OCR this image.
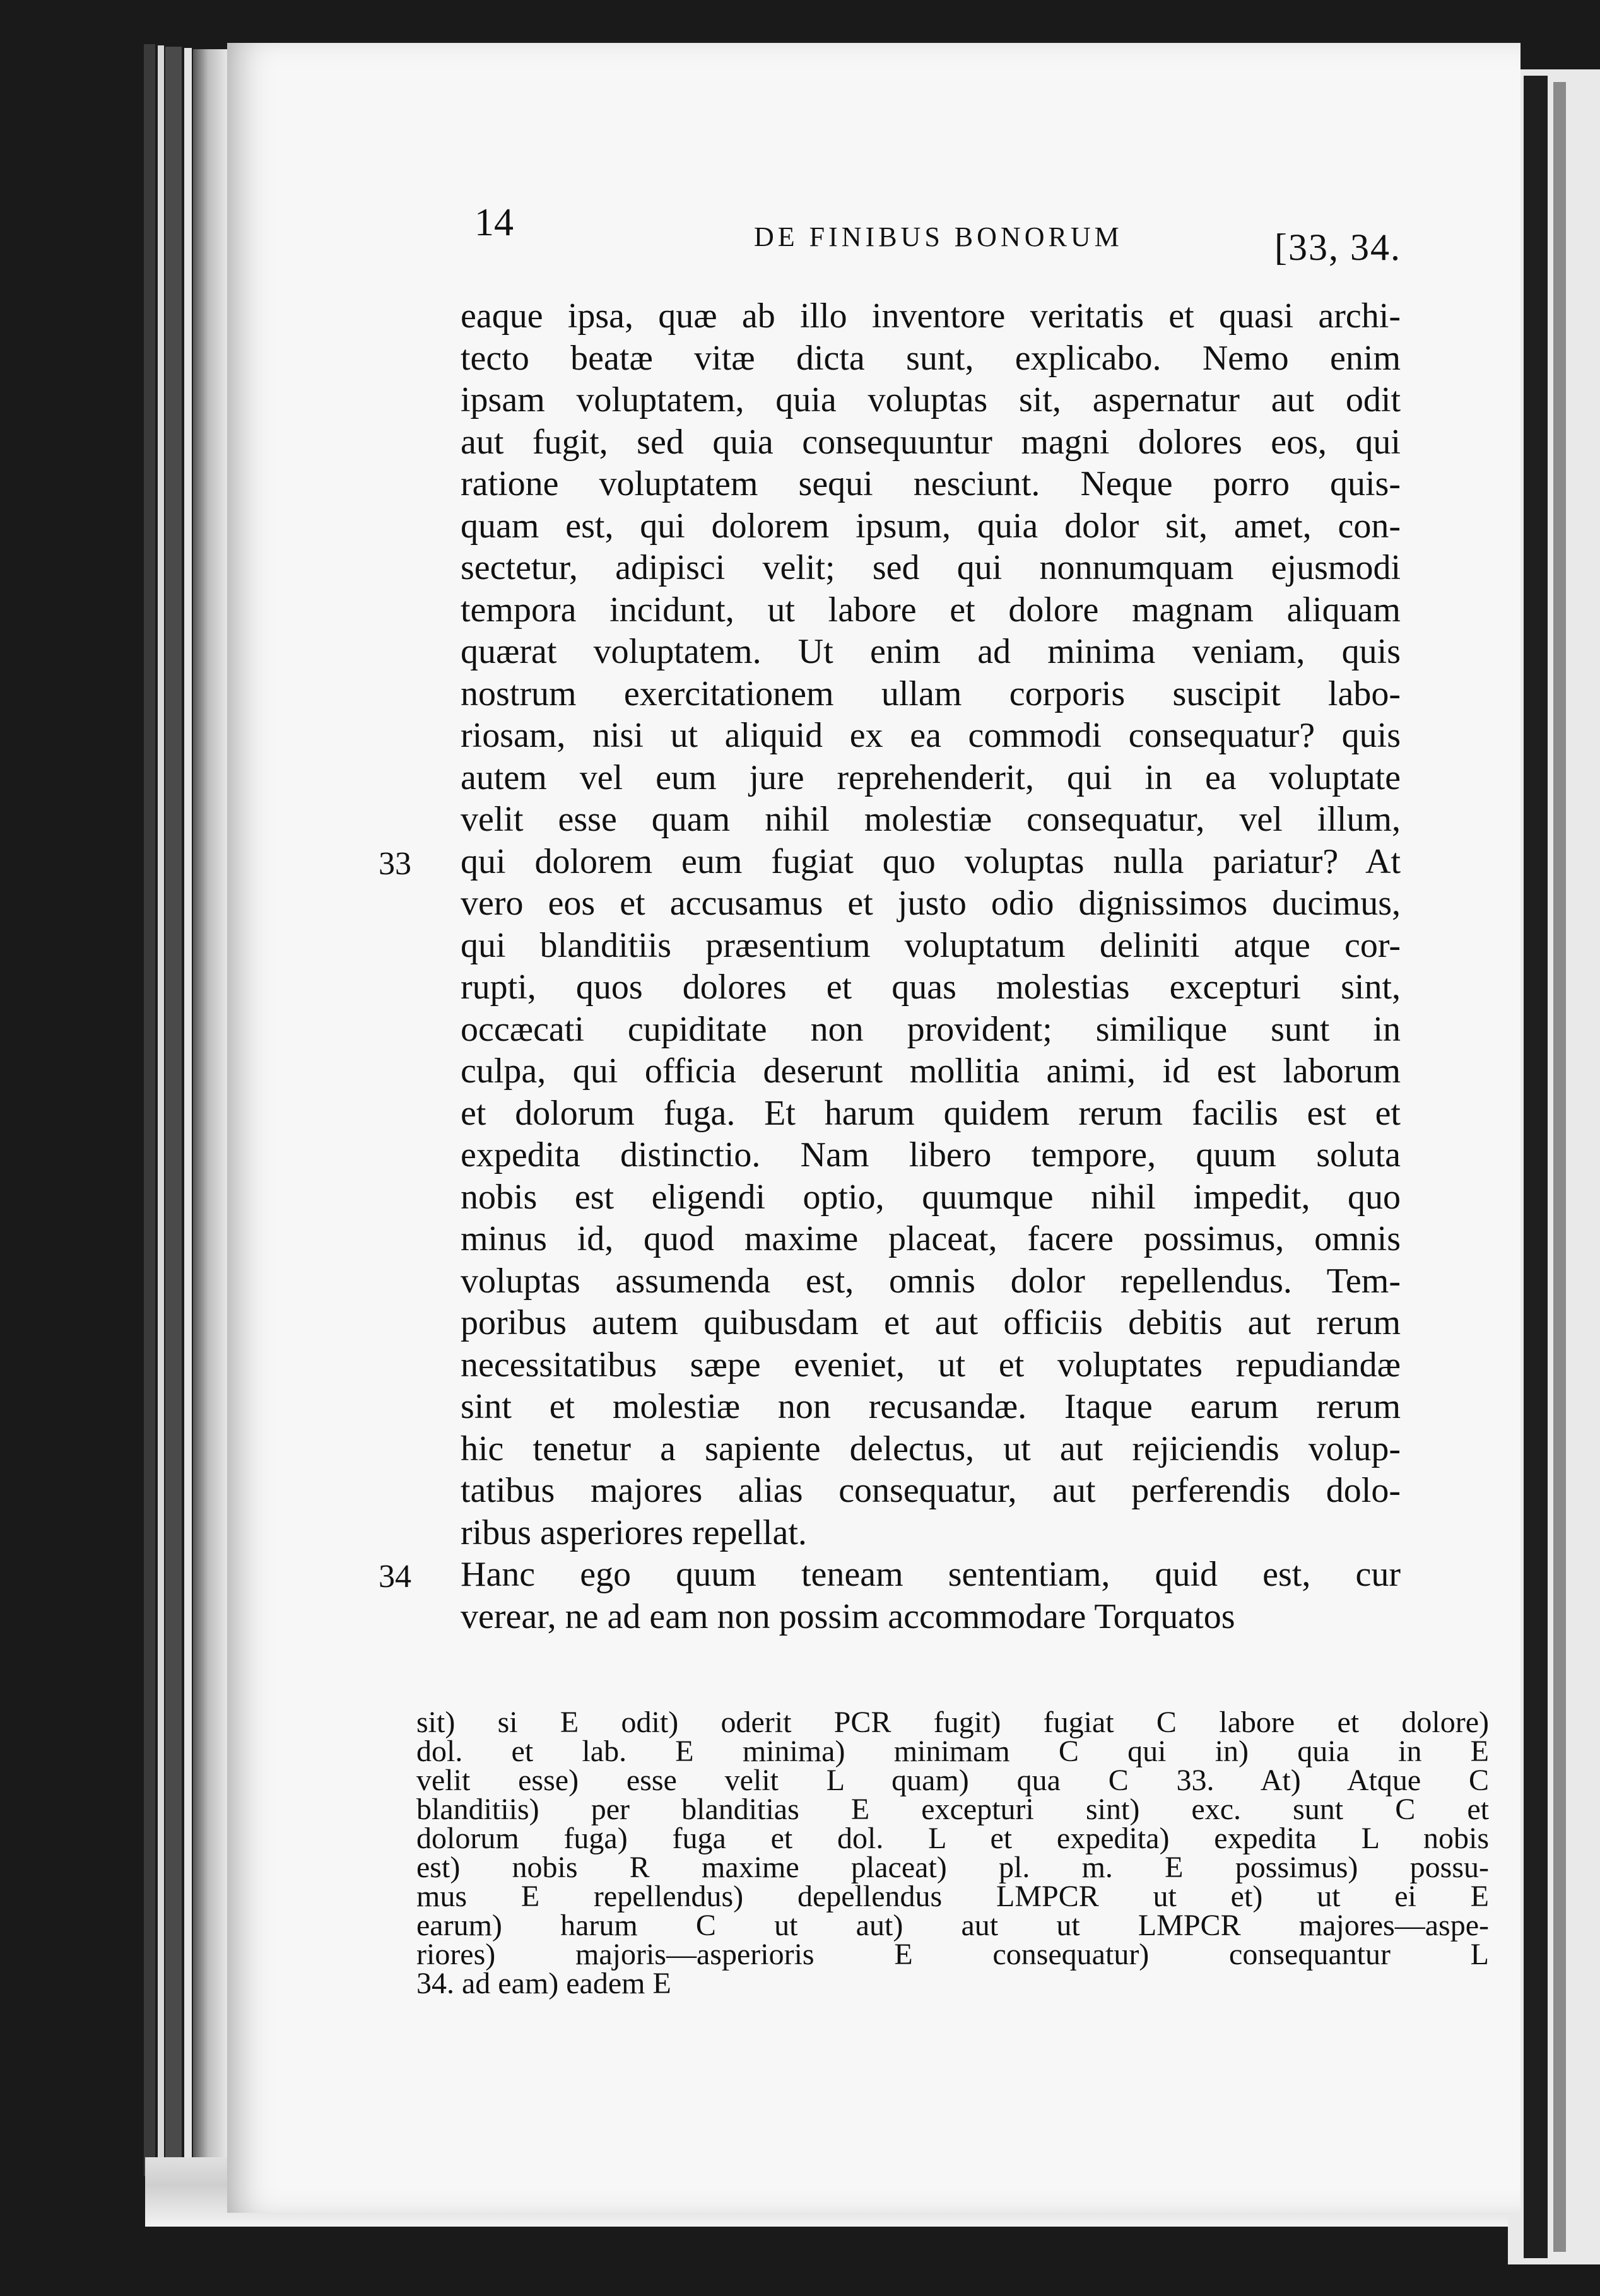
14	DE FINIBUS BONORUM	[33, 34.
eaque ipsa, quæ ab illo inventore veritatis et quasi archi-
tecto beatæ vitæ dicta sunt, explicabo. Nemo enim
ipsam voluptatem, quia voluptas sit, aspernatur aut odit
aut fugit, sed quia consequuntur magni dolores eos, qui
ratione voluptatem sequi nesciunt. Neque porro quis-
quam est, qui dolorem ipsum, quia dolor sit, amet, con-
sectetur, adipisci velit; sed qui nonnumquam ejusmodi
tempora incidunt, ut labore et dolore magnam aliquam
quærat voluptatem. Ut enim ad minima veniam, quis
nostrum exercitationem ullam corporis suscipit labo-
riosam, nisi ut aliquid ex ea commodi consequatur? quis
autem vel eum jure reprehenderit, qui in ea voluptate
velit esse quam nihil molestiæ consequatur, vel illum,
qui dolorem eum fugiat quo voluptas nulla pariatur? At
33
vero eos et accusamus et justo odio dignissimos ducimus,
qui blanditiis præsentium voluptatum deliniti atque cor-
rupti, quos dolores et quas molestias excepturi sint,
occæcati cupiditate non provident; similique sunt in
culpa, qui officia deserunt mollitia animi, id est laborum
et dolorum fuga. Et harum quidem rerum facilis est et
expedita distinctio. Nam libero tempore, quum soluta
nobis est eligendi optio, quumque nihil impedit, quo
minus id, quod maxime placeat, facere possimus, omnis
voluptas assumenda est, omnis dolor repellendus. Tem-
poribus autem quibusdam et aut officiis debitis aut rerum
necessitatibus sæpe eveniet, ut et voluptates repudiandæ
sint et molestiæ non recusandæ. Itaque earum rerum
hic tenetur a sapiente delectus, ut aut rejiciendis volup-
tatibus majores alias consequatur, aut perferendis dolo-
ribus asperiores repellat.
Hanc ego quum teneam sententiam, quid est, cur
34
verear, ne ad eam non possim accommodare Torquatos
sit) si E odit) oderit PCR fugit) fugiat C labore et dolore)
dol. et lab. E minima) minimam C qui in) quia in E
velit esse) esse velit L quam) qua C 33. At) Atque C
blanditiis) per blanditias E excepturi sint) exc. sunt C et
dolorum fuga) fuga et dol. L et expedita) expedita L nobis
est) nobis R maxime placeat) pl. m. E possimus) possu-
mus E repellendus) depellendus LMPCR ut et) ut ei E
earum) harum C ut aut) aut ut LMPCR majores—aspe-
riores) majoris—asperioris E consequatur) consequantur L
34. ad eam) eadem E
